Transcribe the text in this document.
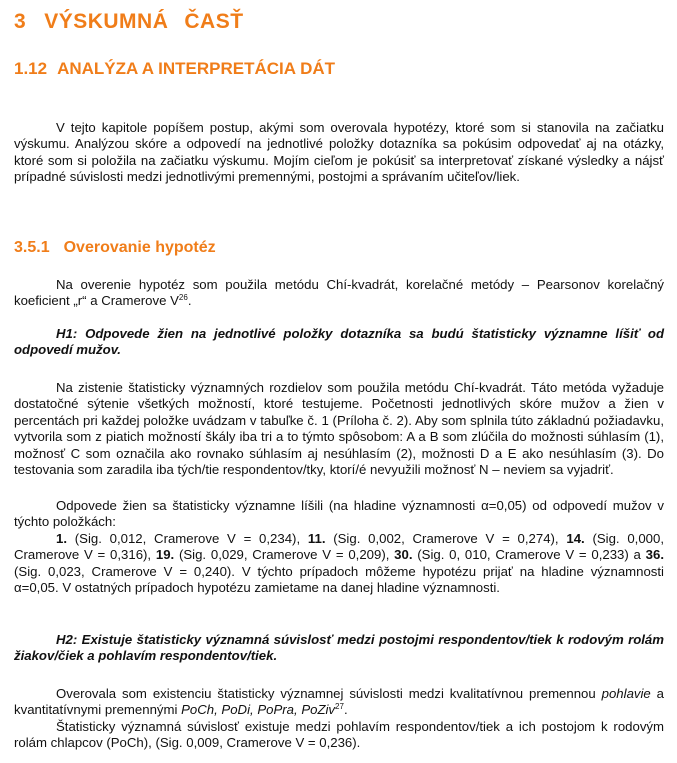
3 VÝSKUMNÁ ČASŤ
1.12 ANALÝZA A INTERPRETÁCIA DÁT

V tejto kapitole popíšem postup, akými som overovala hypotézy, ktoré som si stanovila na začiatku výskumu. Analýzou skóre a odpovedí na jednotlivé položky dotazníka sa pokúsim odpovedať aj na otázky, ktoré som si položila na začiatku výskumu. Mojím cieľom je pokúsiť sa interpretovať získané výsledky a nájsť prípadné súvislosti medzi jednotlivými premennými, postojmi a správaním učiteľov/liek.

3.5.1 Overovanie hypotéz

Na overenie hypotéz som použila metódu Chí-kvadrát, korelačné metódy – Pearsonov korelačný koeficient „r“ a Cramerove $V^{26}$.

H1: Odpovede žien na jednotlivé položky dotazníka sa budú štatisticky významne líšiť od odpovedí mužov.

Na zistenie štatisticky významných rozdielov som použila metódu Chí-kvadrát. Táto metóda vyžaduje dostatočné sýtenie všetkých možností, ktoré testujeme. Početnosti jednotlivých skóre mužov a žien v percentách pri každej položke uvádzam v tabuľke č. 1 (Príloha č. 2). Aby som splnila túto základnú požiadavku, vytvorila som z piatich možností škály iba tri a to týmto spôsobom: A a B som zlúčila do možnosti súhlasím (1), možnosť C som označila ako rovnako súhlasím aj nesúhlasím (2), možnosti D a E ako nesúhlasím (3). Do testovania som zaradila iba tých/tie respondentov/tky, ktorí/é nevyužili možnosť N – neviem sa vyjadriť.

Odpovede žien sa štatisticky významne líšili (na hladine významnosti α=0,05) od odpovedí mužov v týchto položkách:

1. (Sig. 0,012, Cramerove V = 0,234), 11. (Sig. 0,002, Cramerove V = 0,274), 14. (Sig. 0,000, Cramerove V = 0,316), 19. (Sig. 0,029, Cramerove V = 0,209), 30. (Sig. 0, 010, Cramerove V = 0,233) a 36. (Sig. 0,023, Cramerove V = 0,240). V týchto prípadoch môžeme hypotézu prijať na hladine významnosti α=0,05. V ostatných prípadoch hypotézu zamietame na danej hladine významnosti.

H2: Existuje štatisticky významná súvislosť medzi postojmi respondentov/tiek k rodovým rolám žiakov/čiek a pohlavím respondentov/tiek.

Overovala som existenciu štatisticky významnej súvislosti medzi kvalitatívnou premennou pohlavie a kvantitatívnymi premennými PoCh, PoDi, PoPra, PoZiv$^{27}$.

Štatisticky významná súvislosť existuje medzi pohlavím respondentov/tiek a ich postojom k rodovým rolám chlapcov (PoCh), (Sig. 0,009, Cramerove V = 0,236).
